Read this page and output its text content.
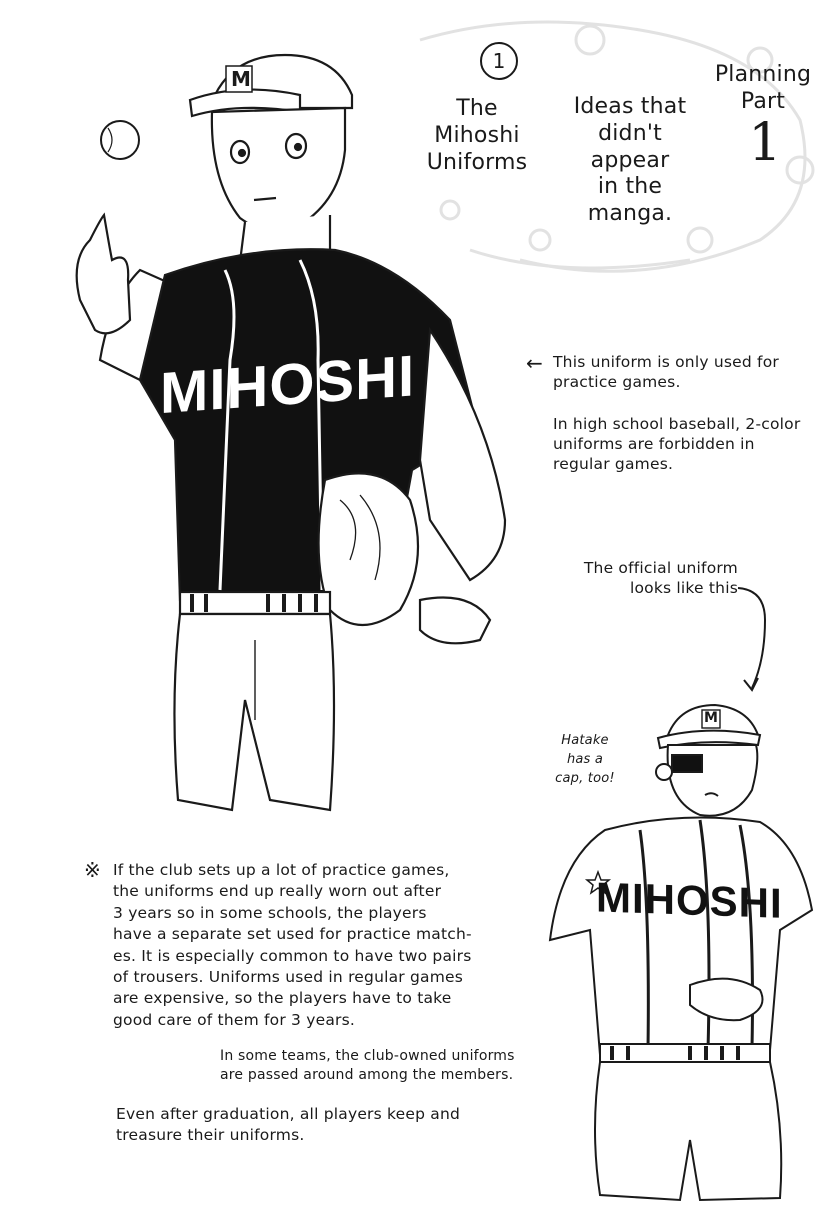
MIHOSHI
M
MIHOSHI
M
1
The
Mihoshi
Uniforms
Ideas that
didn't appear
in the
manga.
Planning
Part
1
← This uniform is only used for
practice games.
In high school baseball, 2-color
uniforms are forbidden in
regular games.
The official uniform
looks like this
Hatake
has a
cap, too!
※ If the club sets up a lot of practice games,
the uniforms end up really worn out after
3 years so in some schools, the players
have a separate set used for practice match-
es. It is especially common to have two pairs
of trousers. Uniforms used in regular games
are expensive, so the players have to take
good care of them for 3 years.
In some teams, the club-owned uniforms
are passed around among the members.
Even after graduation, all players keep and
treasure their uniforms.
